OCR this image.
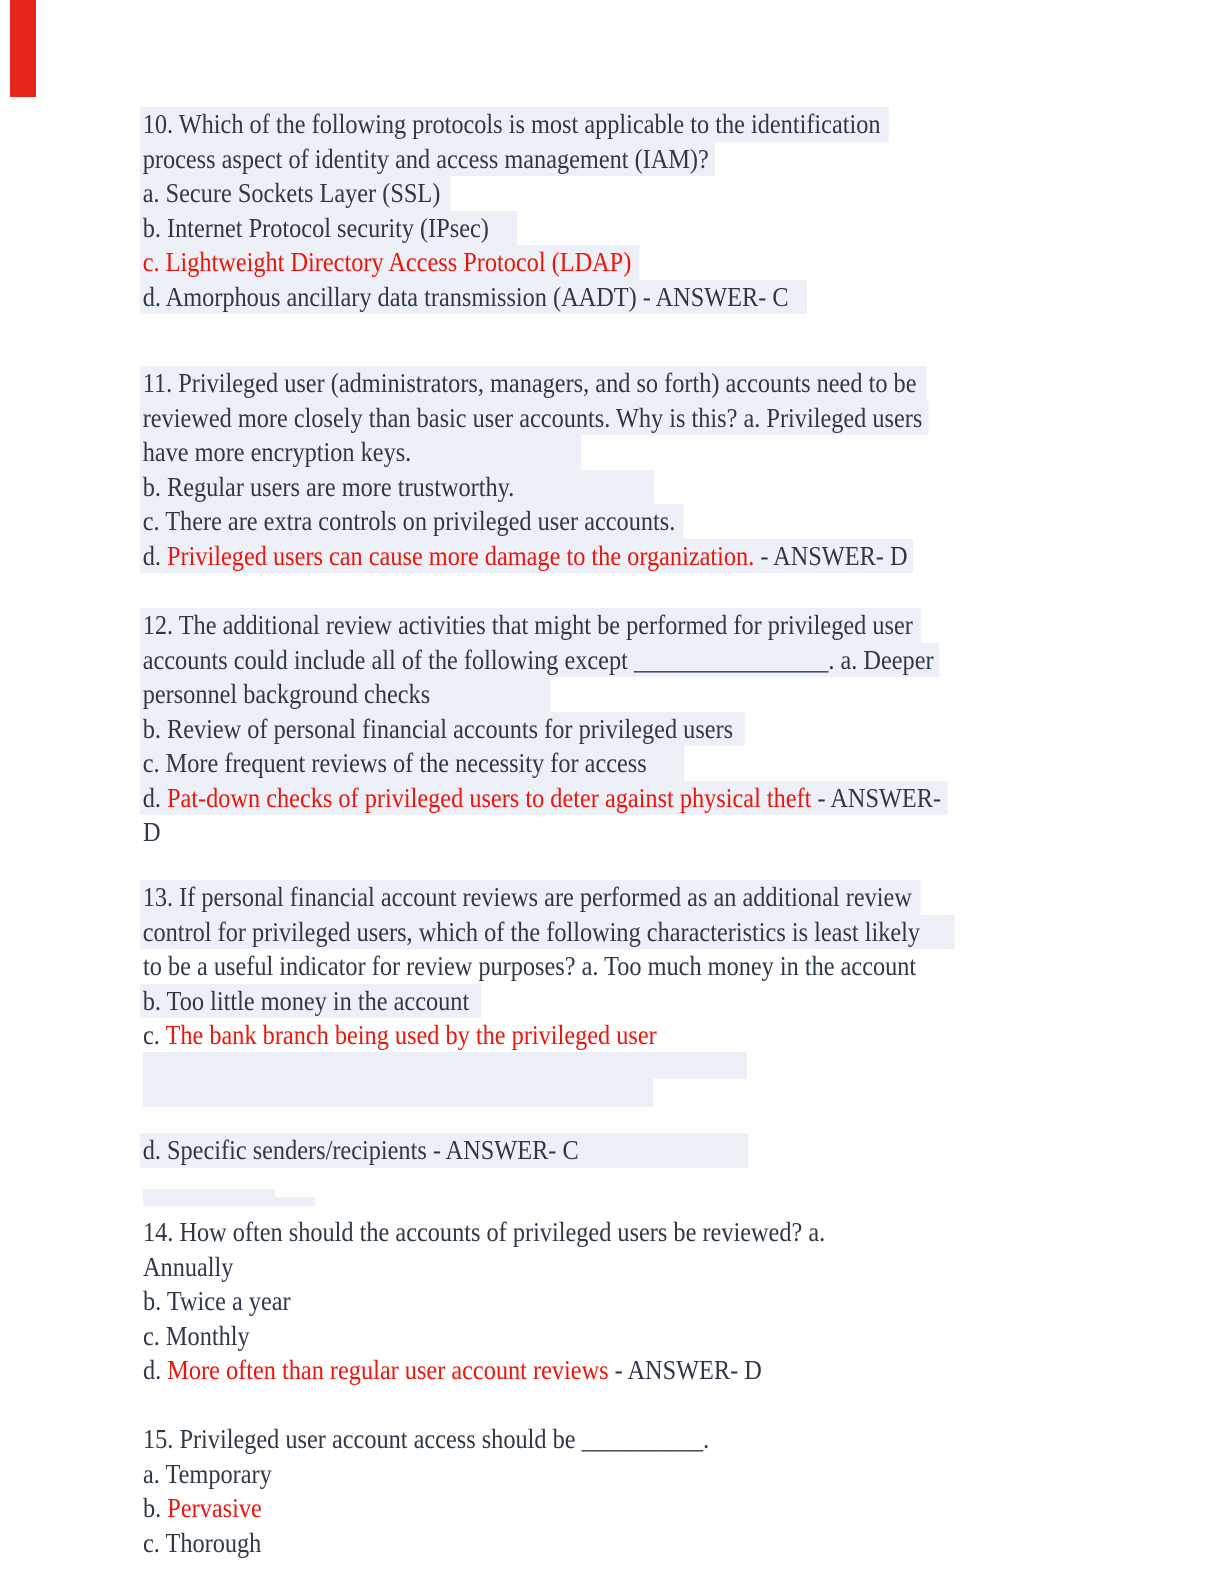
10. Which of the following protocols is most applicable to the identification
process aspect of identity and access management (IAM)?
a. Secure Sockets Layer (SSL)
b. Internet Protocol security (IPsec)
c. Lightweight Directory Access Protocol (LDAP)
d. Amorphous ancillary data transmission (AADT) - ANSWER- C
11. Privileged user (administrators, managers, and so forth) accounts need to be
reviewed more closely than basic user accounts. Why is this? a. Privileged users
have more encryption keys.
b. Regular users are more trustworthy.
c. There are extra controls on privileged user accounts.
d. Privileged users can cause more damage to the organization. - ANSWER- D
12. The additional review activities that might be performed for privileged user
accounts could include all of the following except ________________. a. Deeper
personnel background checks
b. Review of personal financial accounts for privileged users
c. More frequent reviews of the necessity for access
d. Pat-down checks of privileged users to deter against physical theft - ANSWER-
D
13. If personal financial account reviews are performed as an additional review
control for privileged users, which of the following characteristics is least likely
to be a useful indicator for review purposes? a. Too much money in the account
b. Too little money in the account
c. The bank branch being used by the privileged user
d. Specific senders/recipients - ANSWER- C
14. How often should the accounts of privileged users be reviewed? a.
Annually
b. Twice a year
c. Monthly
d. More often than regular user account reviews - ANSWER- D
15. Privileged user account access should be __________.
a. Temporary
b. Pervasive
c. Thorough
